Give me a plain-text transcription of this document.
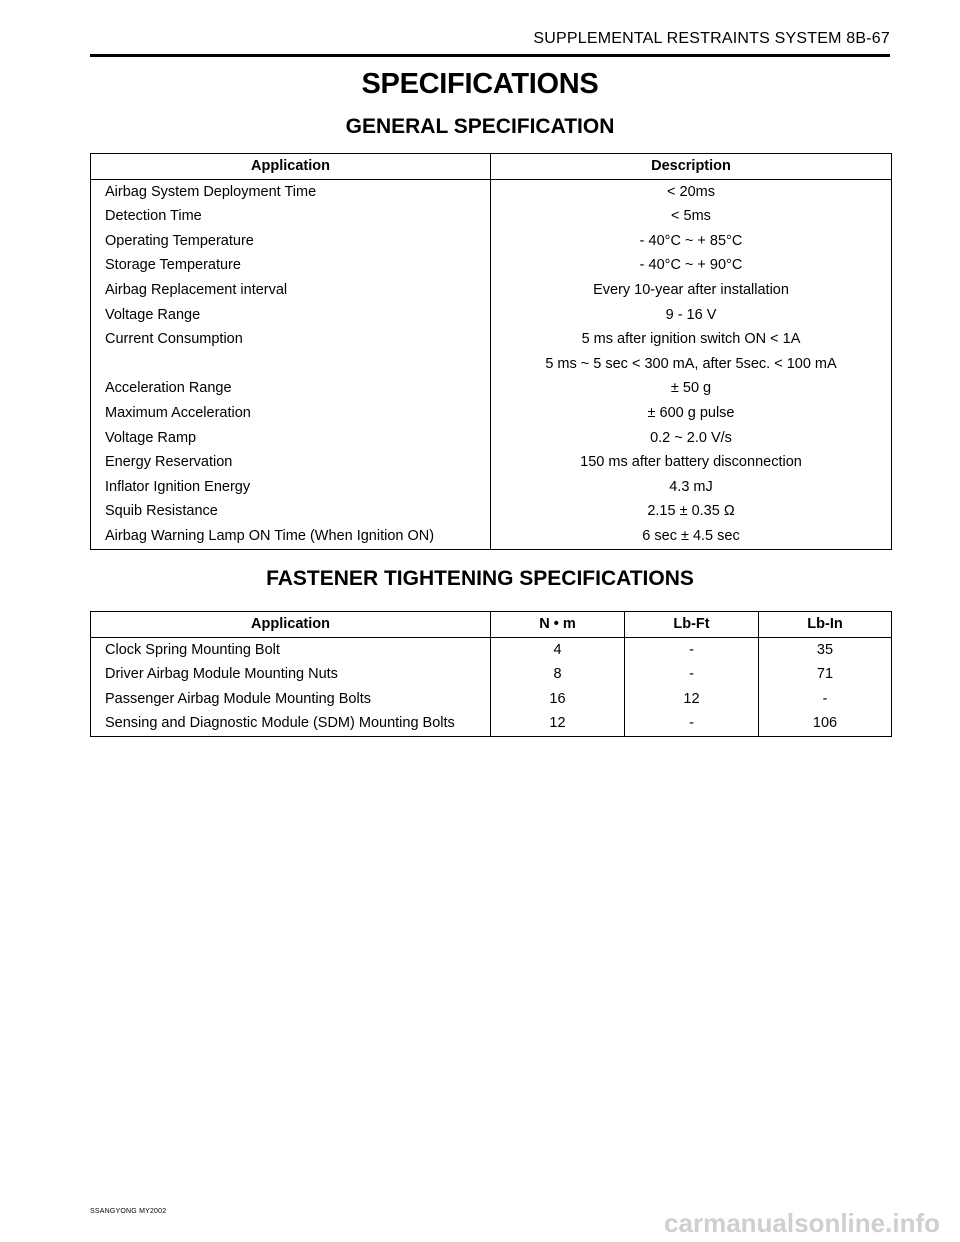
SUPPLEMENTAL RESTRAINTS SYSTEM 8B-67
SPECIFICATIONS
GENERAL SPECIFICATION
Application	Description
Airbag System Deployment Time	< 20ms

Detection Time	< 5ms

Operating Temperature	- 40°C ~ + 85°C

Storage Temperature	- 40°C ~ + 90°C

Airbag Replacement interval	Every 10-year after installation

Voltage Range	9 - 16 V

Current Consumption	5 ms after ignition switch ON < 1A
5 ms ~ 5 sec < 300 mA, after 5sec. < 100 mA

Acceleration Range	± 50 g

Maximum Acceleration	± 600 g pulse

Voltage Ramp	0.2 ~ 2.0 V/s

Energy Reservation	150 ms after battery disconnection

Inflator Ignition Energy	4.3 mJ

Squib Resistance	2.15 ± 0.35 Ω

Airbag Warning Lamp ON Time (When Ignition ON)	6 sec ± 4.5 sec
FASTENER TIGHTENING SPECIFICATIONS
Application	N • m	Lb-Ft	Lb-In
Clock Spring Mounting Bolt	4	-	35
Driver Airbag Module Mounting Nuts	8	-	71
Passenger Airbag Module Mounting Bolts	16	12	-
Sensing and Diagnostic Module (SDM) Mounting Bolts	12	-	106
SSANGYONG MY2002	carmanualsonline.info
